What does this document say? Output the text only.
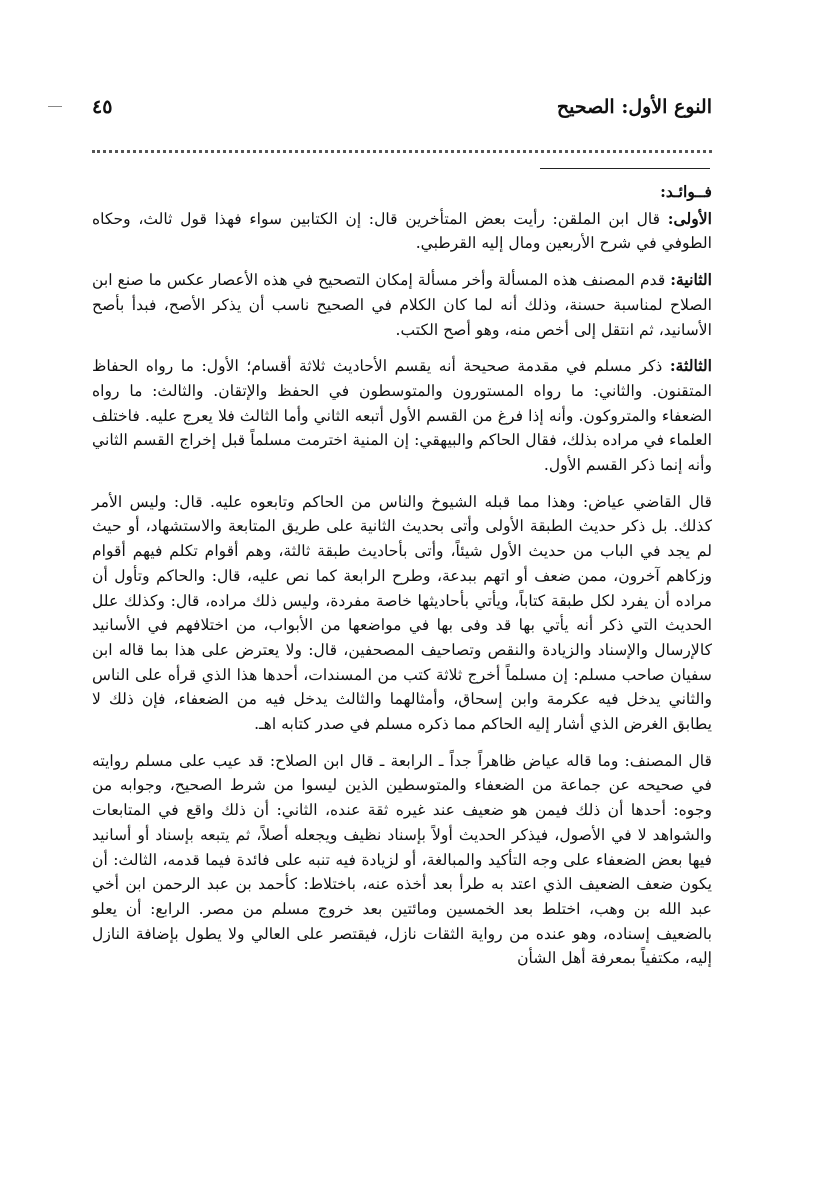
النوع الأول: الصحيح
٤٥

فــوائـد:

الأولى: قال ابن الملقن: رأيت بعض المتأخرين قال: إن الكتابين سواء فهذا قول ثالث، وحكاه الطوفي في شرح الأربعين ومال إليه القرطبي.

الثانية: قدم المصنف هذه المسألة وأخر مسألة إمكان التصحيح في هذه الأعصار عكس ما صنع ابن الصلاح لمناسبة حسنة، وذلك أنه لما كان الكلام في الصحيح ناسب أن يذكر الأصح، فبدأ بأصح الأسانيد، ثم انتقل إلى أخص منه، وهو أصح الكتب.

الثالثة: ذكر مسلم في مقدمة صحيحة أنه يقسم الأحاديث ثلاثة أقسام؛ الأول: ما رواه الحفاظ المتقنون. والثاني: ما رواه المستورون والمتوسطون في الحفظ والإتقان. والثالث: ما رواه الضعفاء والمتروكون. وأنه إذا فرغ من القسم الأول أتبعه الثاني وأما الثالث فلا يعرج عليه. فاختلف العلماء في مراده بذلك، فقال الحاكم والبيهقي: إن المنية اخترمت مسلماً قبل إخراج القسم الثاني وأنه إنما ذكر القسم الأول.

قال القاضي عياض: وهذا مما قبله الشيوخ والناس من الحاكم وتابعوه عليه. قال: وليس الأمر كذلك. بل ذكر حديث الطبقة الأولى وأتى بحديث الثانية على طريق المتابعة والاستشهاد، أو حيث لم يجد في الباب من حديث الأول شيئاً، وأتى بأحاديث طبقة ثالثة، وهم أقوام تكلم فيهم أقوام وزكاهم آخرون، ممن ضعف أو اتهم ببدعة، وطرح الرابعة كما نص عليه، قال: والحاكم وتأول أن مراده أن يفرد لكل طبقة كتاباً، ويأتي بأحاديثها خاصة مفردة، وليس ذلك مراده، قال: وكذلك علل الحديث التي ذكر أنه يأتي بها قد وفى بها في مواضعها من الأبواب، من اختلافهم في الأسانيد كالإرسال والإسناد والزيادة والنقص وتصاحيف المصحفين، قال: ولا يعترض على هذا بما قاله ابن سفيان صاحب مسلم: إن مسلماً أخرج ثلاثة كتب من المسندات، أحدها هذا الذي قرأه على الناس والثاني يدخل فيه عكرمة وابن إسحاق، وأمثالهما والثالث يدخل فيه من الضعفاء، فإن ذلك لا يطابق الغرض الذي أشار إليه الحاكم مما ذكره مسلم في صدر كتابه اهـ.

قال المصنف: وما قاله عياض ظاهراً جداً ـ الرابعة ـ قال ابن الصلاح: قد عيب على مسلم روايته في صحيحه عن جماعة من الضعفاء والمتوسطين الذين ليسوا من شرط الصحيح، وجوابه من وجوه: أحدها أن ذلك فيمن هو ضعيف عند غيره ثقة عنده، الثاني: أن ذلك واقع في المتابعات والشواهد لا في الأصول، فيذكر الحديث أولاً بإسناد نظيف ويجعله أصلاً، ثم يتبعه بإسناد أو أسانيد فيها بعض الضعفاء على وجه التأكيد والمبالغة، أو لزيادة فيه تنبه على فائدة فيما قدمه، الثالث: أن يكون ضعف الضعيف الذي اعتد به طرأ بعد أخذه عنه، باختلاط: كأحمد بن عبد الرحمن ابن أخي عبد الله بن وهب، اختلط بعد الخمسين ومائتين بعد خروج مسلم من مصر. الرابع: أن يعلو بالضعيف إسناده، وهو عنده من رواية الثقات نازل، فيقتصر على العالي ولا يطول بإضافة النازل إليه، مكتفياً بمعرفة أهل الشأن
